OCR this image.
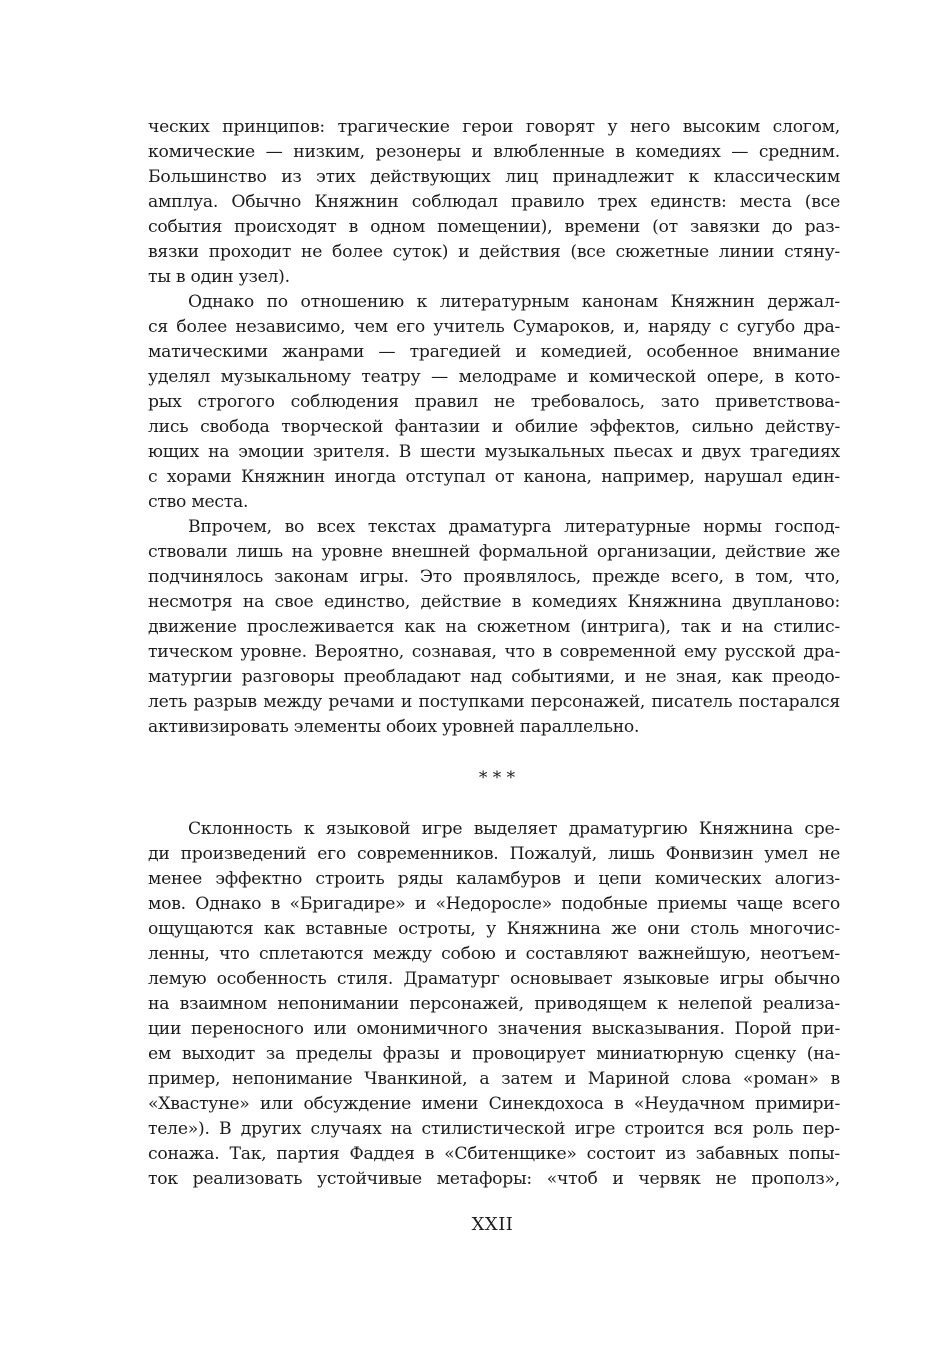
ческих принципов: трагические герои говорят у него высоким слогом,
комические — низким, резонеры и влюбленные в комедиях — средним.
Большинство из этих действующих лиц принадлежит к классическим
амплуа. Обычно Княжнин соблюдал правило трех единств: места (все
события происходят в одном помещении), времени (от завязки до раз-
вязки проходит не более суток) и действия (все сюжетные линии стяну-
ты в один узел).
Однако по отношению к литературным канонам Княжнин держал-
ся более независимо, чем его учитель Сумароков, и, наряду с сугубо дра-
матическими жанрами — трагедией и комедией, особенное внимание
уделял музыкальному театру — мелодраме и комической опере, в кото-
рых строгого соблюдения правил не требовалось, зато приветствова-
лись свобода творческой фантазии и обилие эффектов, сильно действу-
ющих на эмоции зрителя. В шести музыкальных пьесах и двух трагедиях
с хорами Княжнин иногда отступал от канона, например, нарушал един-
ство места.
Впрочем, во всех текстах драматурга литературные нормы господ-
ствовали лишь на уровне внешней формальной организации, действие же
подчинялось законам игры. Это проявлялось, прежде всего, в том, что,
несмотря на свое единство, действие в комедиях Княжнина двупланово:
движение прослеживается как на сюжетном (интрига), так и на стилис-
тическом уровне. Вероятно, сознавая, что в современной ему русской дра-
матургии разговоры преобладают над событиями, и не зная, как преодо-
леть разрыв между речами и поступками персонажей, писатель постарался
активизировать элементы обоих уровней параллельно.
* * *
Склонность к языковой игре выделяет драматургию Княжнина сре-
ди произведений его современников. Пожалуй, лишь Фонвизин умел не
менее эффектно строить ряды каламбуров и цепи комических алогиз-
мов. Однако в «Бригадире» и «Недоросле» подобные приемы чаще всего
ощущаются как вставные остроты, у Княжнина же они столь многочис-
ленны, что сплетаются между собою и составляют важнейшую, неотъем-
лемую особенность стиля. Драматург основывает языковые игры обычно
на взаимном непонимании персонажей, приводящем к нелепой реализа-
ции переносного или омонимичного значения высказывания. Порой при-
ем выходит за пределы фразы и провоцирует миниатюрную сценку (на-
пример, непонимание Чванкиной, а затем и Мариной слова «роман» в
«Хвастуне» или обсуждение имени Синекдохоса в «Неудачном примири-
теле»). В других случаях на стилистической игре строится вся роль пер-
сонажа. Так, партия Фаддея в «Сбитенщике» состоит из забавных попы-
ток реализовать устойчивые метафоры: «чтоб и червяк не прополз»,
XXII
